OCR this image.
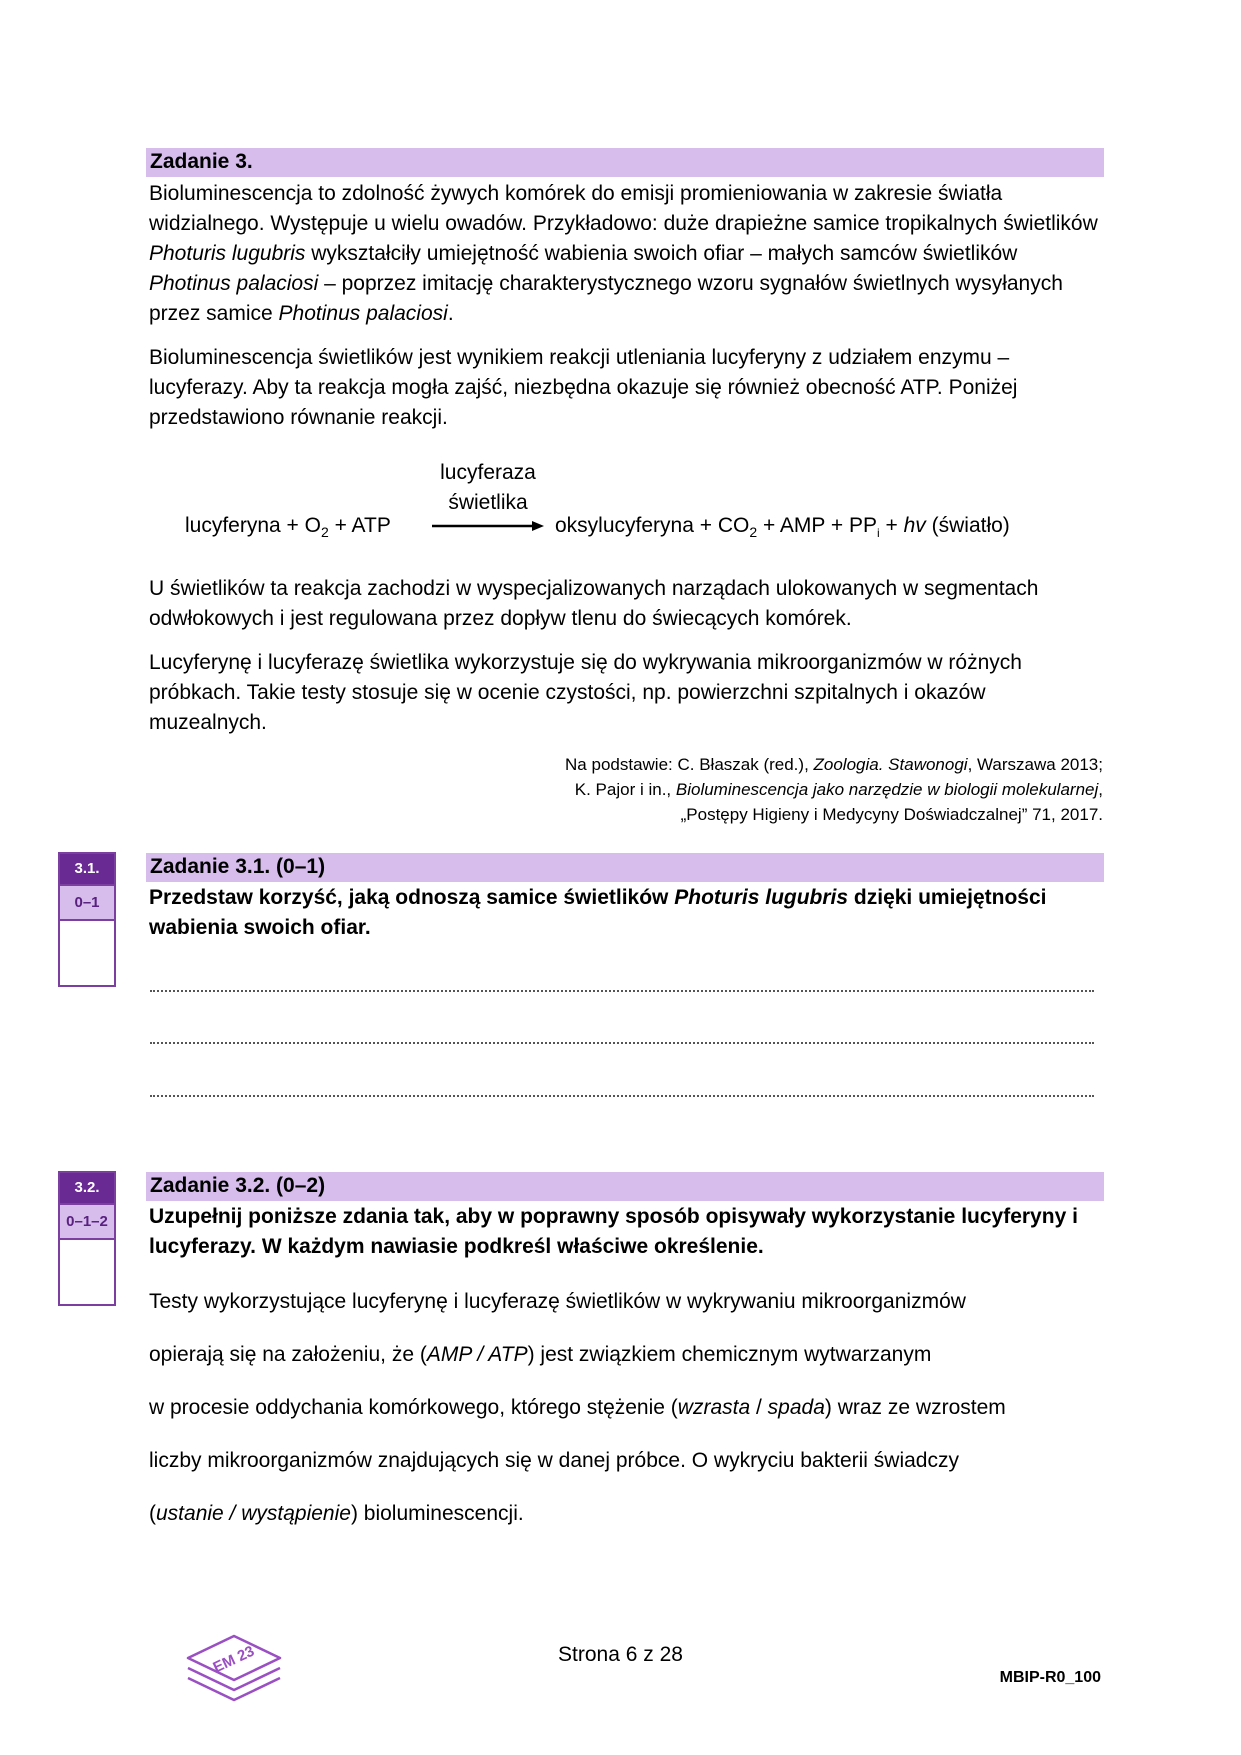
Zadanie 3.
Bioluminescencja to zdolność żywych komórek do emisji promieniowania w zakresie światła widzialnego. Występuje u wielu owadów. Przykładowo: duże drapieżne samice tropikalnych świetlików Photuris lugubris wykształciły umiejętność wabienia swoich ofiar – małych samców świetlików Photinus palaciosi – poprzez imitację charakterystycznego wzoru sygnałów świetlnych wysyłanych przez samice Photinus palaciosi.
Bioluminescencja świetlików jest wynikiem reakcji utleniania lucyferyny z udziałem enzymu – lucyferazy. Aby ta reakcja mogła zajść, niezbędna okazuje się również obecność ATP. Poniżej przedstawiono równanie reakcji.
lucyferaza
świetlika
lucyferyna + $O_2$ + ATP	oksylucyferyna + $CO_2$ + AMP + $PP_i$ + hv (światło)
U świetlików ta reakcja zachodzi w wyspecjalizowanych narządach ulokowanych w segmentach odwłokowych i jest regulowana przez dopływ tlenu do świecących komórek.
Lucyferynę i lucyferazę świetlika wykorzystuje się do wykrywania mikroorganizmów w różnych próbkach. Takie testy stosuje się w ocenie czystości, np. powierzchni szpitalnych i okazów muzealnych.
Na podstawie: C. Błaszak (red.), Zoologia. Stawonogi, Warszawa 2013;
K. Pajor i in., Bioluminescencja jako narzędzie w biologii molekularnej,
„Postępy Higieny i Medycyny Doświadczalnej” 71, 2017.
3.1.
0–1
Zadanie 3.1. (0–1)
Przedstaw korzyść, jaką odnoszą samice świetlików Photuris lugubris dzięki umiejętności wabienia swoich ofiar.
3.2.
0–1–2
Zadanie 3.2. (0–2)
Uzupełnij poniższe zdania tak, aby w poprawny sposób opisywały wykorzystanie lucyferyny i lucyferazy. W każdym nawiasie podkreśl właściwe określenie.
Testy wykorzystujące lucyferynę i lucyferazę świetlików w wykrywaniu mikroorganizmów
opierają się na założeniu, że (AMP / ATP) jest związkiem chemicznym wytwarzanym
w procesie oddychania komórkowego, którego stężenie (wzrasta / spada) wraz ze wzrostem
liczby mikroorganizmów znajdujących się w danej próbce. O wykryciu bakterii świadczy
(ustanie / wystąpienie) bioluminescencji.
EM 23	Strona 6 z 28
MBIP-R0_100
